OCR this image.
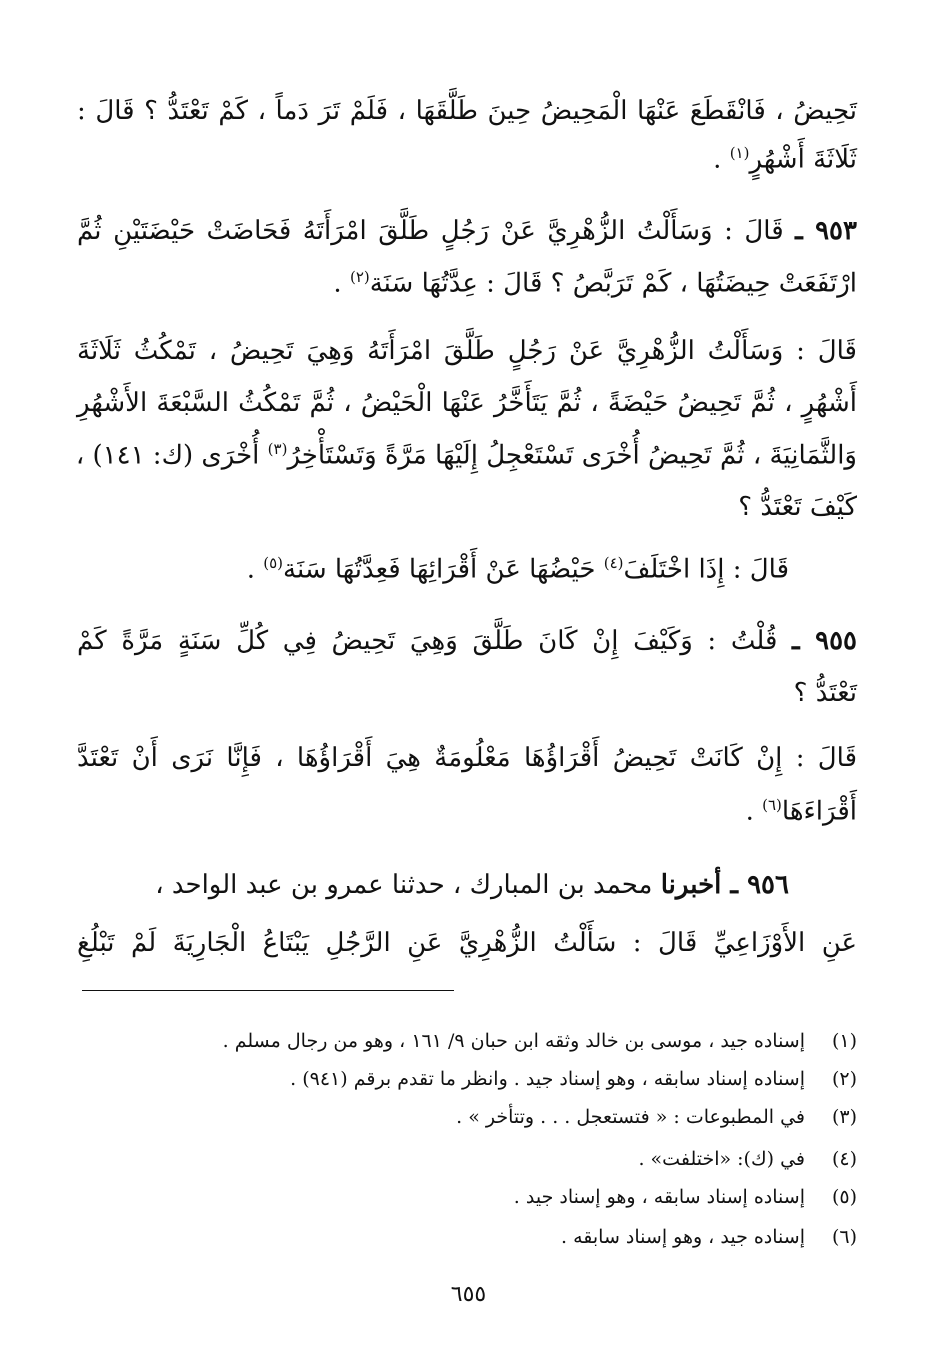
تَحِيضُ ، فَانْقَطَعَ عَنْهَا الْمَحِيضُ حِينَ طَلَّقَهَا ، فَلَمْ تَرَ دَماً ، كَمْ تَعْتَدُّ ؟ قَالَ :

ثَلَاثَةَ أَشْهُرٍ$^{(١)}$ .

٩٥٣ ـ قَالَ : وَسَأَلْتُ الزُّهْرِيَّ عَنْ رَجُلٍ طَلَّقَ امْرَأَتَهُ فَحَاضَتْ حَيْضَتَيْنِ ثُمَّ

ارْتَفَعَتْ حِيضَتُهَا ، كَمْ تَرَبَّصُ ؟ قَالَ : عِدَّتُهَا سَنَة$^{(٢)}$ .

قَالَ : وَسَأَلْتُ الزُّهْرِيَّ عَنْ رَجُلٍ طَلَّقَ امْرَأَتَهُ وَهِيَ تَحِيضُ ، تَمْكُثُ ثَلَاثَةَ

أَشْهُرٍ ، ثُمَّ تَحِيضُ حَيْضَةً ، ثُمَّ يَتَأَخَّرُ عَنْهَا الْحَيْضُ ، ثُمَّ تَمْكُثُ السَّبْعَةَ الأَشْهُرِ

وَالثَّمَانِيَةَ ، ثُمَّ تَحِيضُ أُخْرَى تَسْتَعْجِلُ إِلَيْهَا مَرَّةً وَتَسْتَأْخِرُ$^{(٣)}$ أُخْرَى (ك: ١٤١) ،

كَيْفَ تَعْتَدُّ ؟

قَالَ : إِذَا اخْتَلَفَ$^{(٤)}$ حَيْضُهَا عَنْ أَقْرَائِهَا فَعِدَّتُهَا سَنَة$^{(٥)}$ .

٩٥٥ ـ قُلْتُ : وَكَيْفَ إِنْ كَانَ طَلَّقَ وَهِيَ تَحِيضُ فِي كُلِّ سَنَةٍ مَرَّةً كَمْ

تَعْتَدُّ ؟

قَالَ : إِنْ كَانَتْ تَحِيضُ أَقْرَاؤُهَا مَعْلُومَةٌ هِيَ أَقْرَاؤُهَا ، فَإِنَّا نَرَى أَنْ تَعْتَدَّ

أَقْرَاءَهَا$^{(٦)}$ .

٩٥٦ ـ أخبرنا محمد بن المبارك ، حدثنا عمرو بن عبد الواحد ،

عَنِ الأَوْزَاعِيِّ قَالَ : سَأَلْتُ الزُّهْرِيَّ عَنِ الرَّجُلِ يَبْتَاعُ الْجَارِيَةَ لَمْ تَبْلُغِ

(١)إسناده جيد ، موسى بن خالد وثقه ابن حبان ٩/ ١٦١ ، وهو من رجال مسلم .
(٢)إسناده إسناد سابقه ، وهو إسناد جيد . وانظر ما تقدم برقم (٩٤١) .
(٣)في المطبوعات : « فتستعجل . . . وتتأخر » .
(٤)في (ك): «اختلفت» .
(٥)إسناده إسناد سابقه ، وهو إسناد جيد .
(٦)إسناده جيد ، وهو إسناد سابقه .
٦٥٥
